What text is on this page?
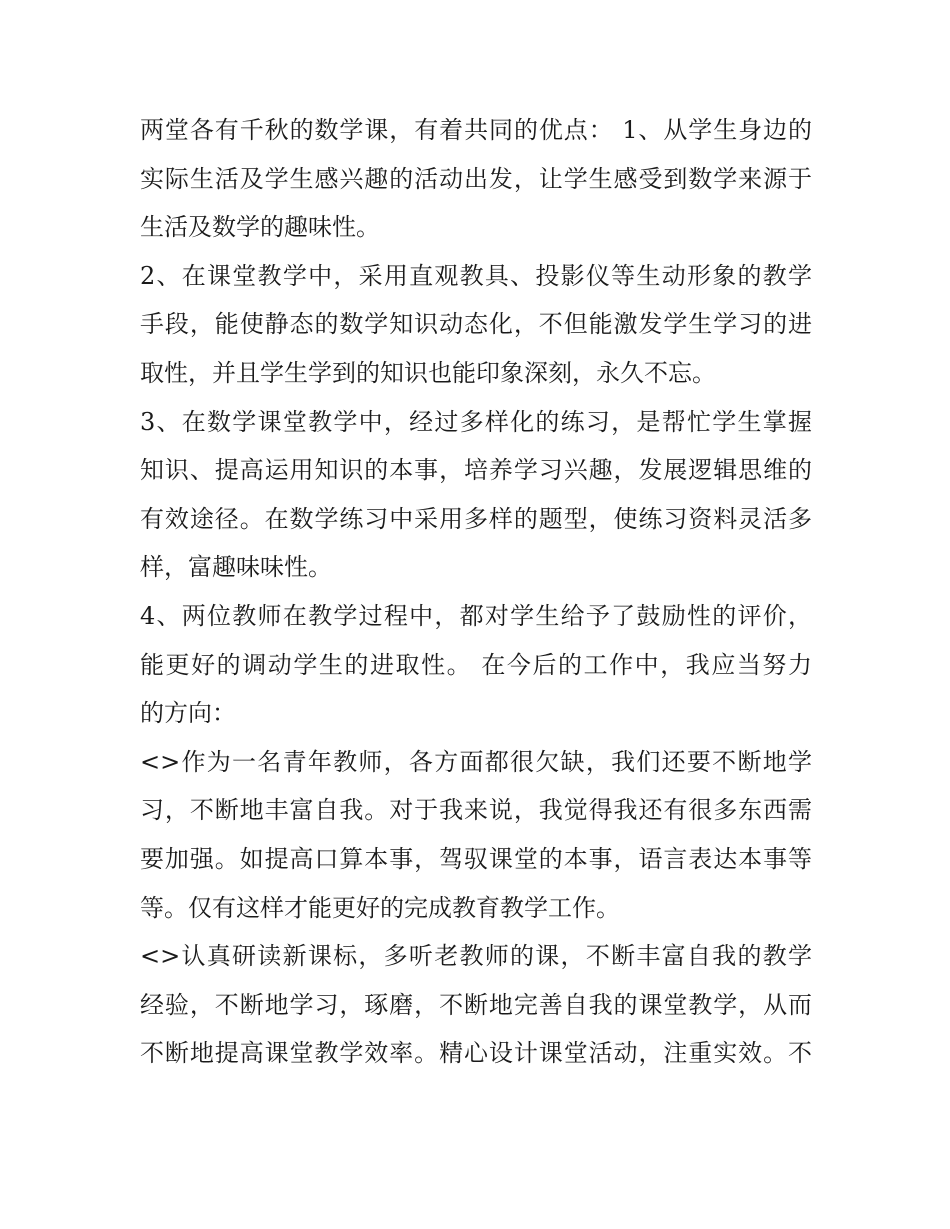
两堂各有千秋的数学课，有着共同的优点： 1、从学生身边的
实际生活及学生感兴趣的活动出发，让学生感受到数学来源于
生活及数学的趣味性。
2、在课堂教学中，采用直观教具、投影仪等生动形象的教学
手段，能使静态的数学知识动态化，不但能激发学生学习的进
取性，并且学生学到的知识也能印象深刻，永久不忘。
3、在数学课堂教学中，经过多样化的练习，是帮忙学生掌握
知识、提高运用知识的本事，培养学习兴趣，发展逻辑思维的
有效途径。在数学练习中采用多样的题型，使练习资料灵活多
样，富趣味味性。
4、两位教师在教学过程中，都对学生给予了鼓励性的评价，
能更好的调动学生的进取性。 在今后的工作中，我应当努力
的方向：
<>作为一名青年教师，各方面都很欠缺，我们还要不断地学
习，不断地丰富自我。对于我来说，我觉得我还有很多东西需
要加强。如提高口算本事，驾驭课堂的本事，语言表达本事等
等。仅有这样才能更好的完成教育教学工作。
<>认真研读新课标，多听老教师的课，不断丰富自我的教学
经验，不断地学习，琢磨，不断地完善自我的课堂教学，从而
不断地提高课堂教学效率。精心设计课堂活动，注重实效。不
